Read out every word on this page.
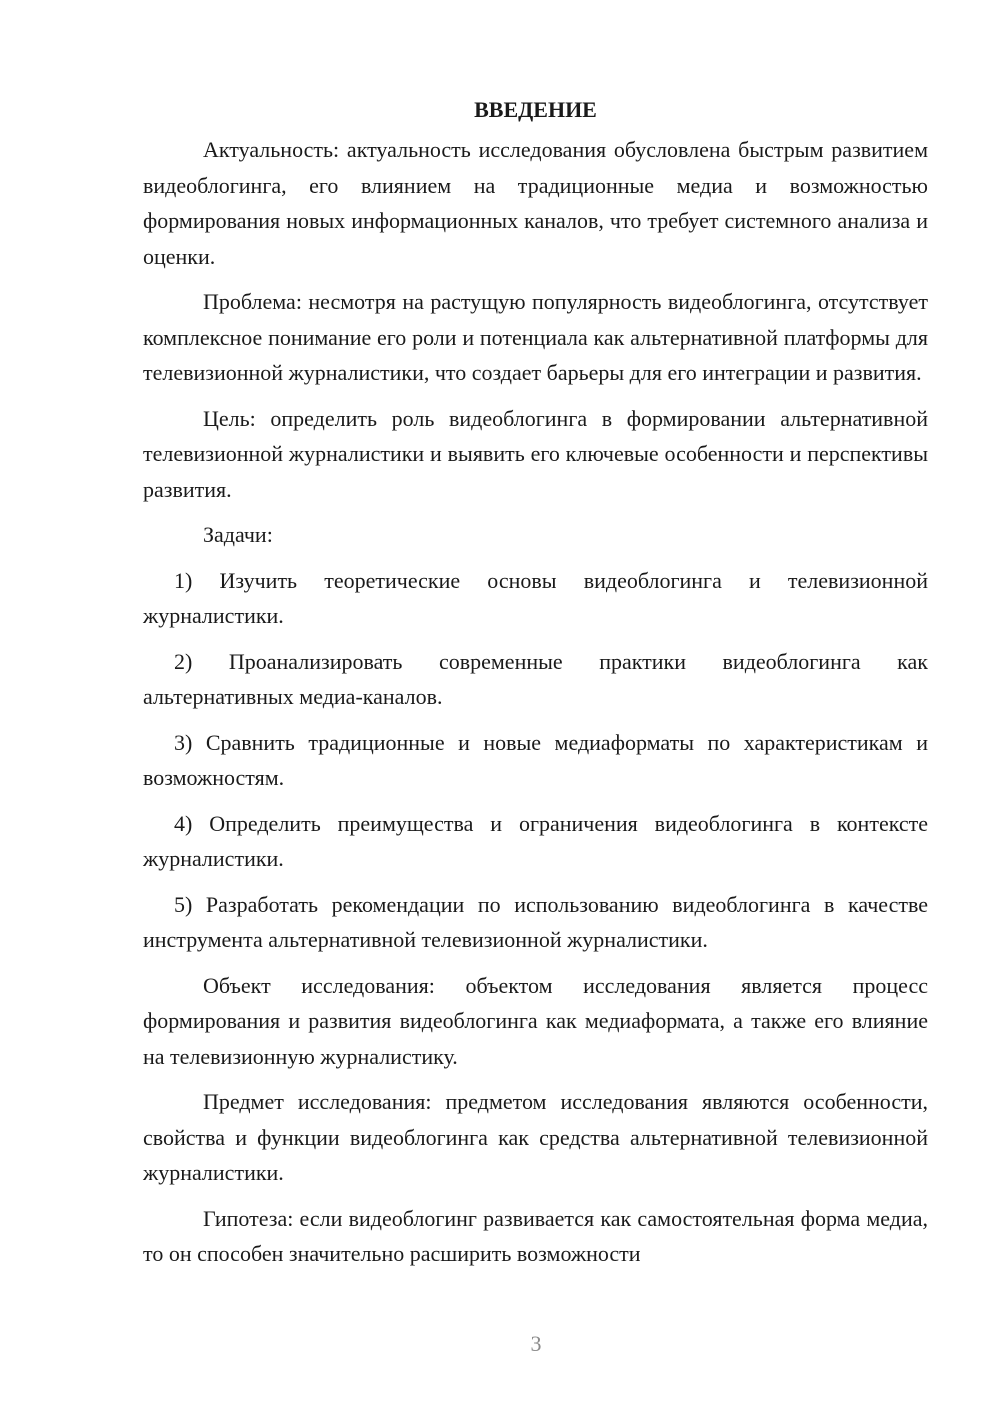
ВВЕДЕНИЕ

Актуальность: актуальность исследования обусловлена быстрым развитием видеоблогинга, его влиянием на традиционные медиа и возможностью формирования новых информационных каналов, что требует системного анализа и оценки.

Проблема: несмотря на растущую популярность видеоблогинга, отсутствует комплексное понимание его роли и потенциала как альтернативной платформы для телевизионной журналистики, что создает барьеры для его интеграции и развития.

Цель: определить роль видеоблогинга в формировании альтернативной телевизионной журналистики и выявить его ключевые особенности и перспективы развития.

Задачи:

1) Изучить теоретические основы видеоблогинга и телевизионной журналистики.

2) Проанализировать современные практики видеоблогинга как альтернативных медиа-каналов.

3) Сравнить традиционные и новые медиаформаты по характеристикам и возможностям.

4) Определить преимущества и ограничения видеоблогинга в контексте журналистики.

5) Разработать рекомендации по использованию видеоблогинга в качестве инструмента альтернативной телевизионной журналистики.

Объект исследования: объектом исследования является процесс формирования и развития видеоблогинга как медиаформата, а также его влияние на телевизионную журналистику.

Предмет исследования: предметом исследования являются особенности, свойства и функции видеоблогинга как средства альтернативной телевизионной журналистики.

Гипотеза: если видеоблогинг развивается как самостоятельная форма медиа, то он способен значительно расширить возможности

3
